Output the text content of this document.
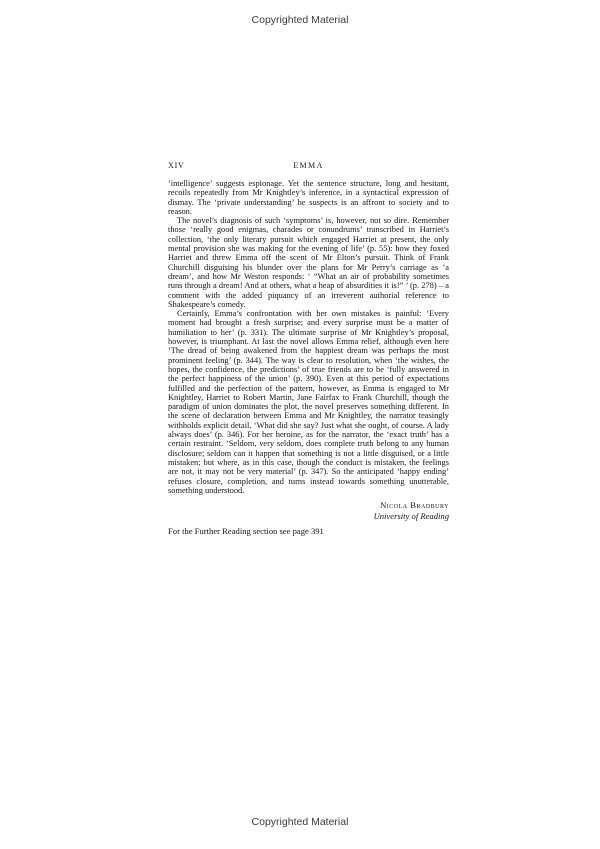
Copyrighted Material
XIV	EMMA

‘intelligence’ suggests espionage. Yet the sentence structure, long and hesitant, recoils repeatedly from Mr Knightley’s inference, in a syntactical expression of dismay. The ‘private understanding’ he suspects is an affront to society and to reason.

The novel’s diagnosis of such ‘symptoms’ is, however, not so dire. Remember those ‘really good enigmas, charades or conundrums’ transcribed in Harriet’s collection, ‘the only literary pursuit which engaged Harriet at present, the only mental provision she was making for the evening of life’ (p. 55): how they foxed Harriet and threw Emma off the scent of Mr Elton’s pursuit. Think of Frank Churchill disguising his blunder over the plans for Mr Perry’s carriage as ‘a dream’, and how Mr Weston responds: ‘ “What an air of probability sometimes runs through a dream! And at others, what a heap of absurdities it is!” ’ (p. 278) – a comment with the added piquancy of an irreverent authorial reference to Shakespeare’s comedy.

Certainly, Emma’s confrontation with her own mistakes is painful: ‘Every moment had brought a fresh surprise; and every surprise must be a matter of humiliation to her’ (p. 331). The ultimate surprise of Mr Knightley’s proposal, however, is triumphant. At last the novel allows Emma relief, although even here ‘The dread of being awakened from the happiest dream was perhaps the most prominent feeling’ (p. 344). The way is clear to resolution, when ‘the wishes, the hopes, the confidence, the predictions’ of true friends are to be ‘fully answered in the perfect happiness of the union’ (p. 390). Even at this period of expectations fulfilled and the perfection of the pattern, however, as Emma is engaged to Mr Knightley, Harriet to Robert Martin, Jane Fairfax to Frank Churchill, though the paradigm of union dominates the plot, the novel preserves something different. In the scene of declaration between Emma and Mr Knightley, the narrator teasingly withholds explicit detail. ‘What did she say? Just what she ought, of course. A lady always does’ (p. 346). For her heroine, as for the narrator, the ‘exact truth’ has a certain restraint. ‘Seldom, very seldom, does complete truth belong to any human disclosure; seldom can it happen that something is not a little disguised, or a little mistaken; but where, as in this case, though the conduct is mistaken, the feelings are not, it may not be very material’ (p. 347). So the anticipated ‘happy ending’ refuses closure, completion, and turns instead towards something unutterable, something understood.

Nicola Bradbury
University of Reading
For the Further Reading section see page 391
Copyrighted Material
